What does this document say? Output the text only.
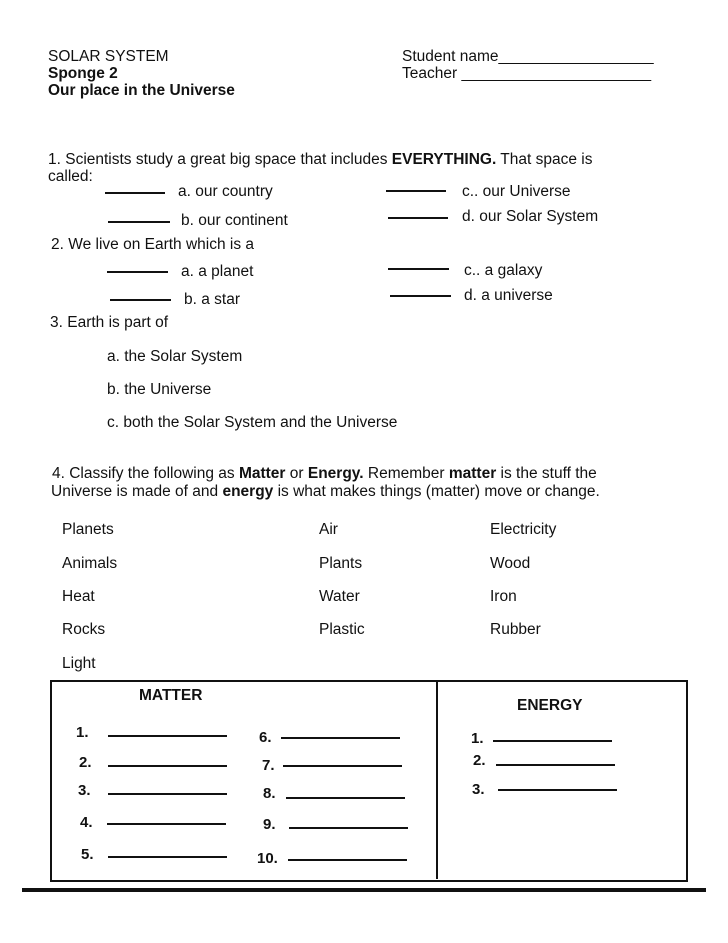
SOLAR SYSTEM
Sponge 2
Our place in the Universe
Student name__________________
Teacher ______________________
1. Scientists study a great big space that includes EVERYTHING. That space is
called:
a. our country
b. our continent
c.. our Universe
d. our Solar System
2. We live on Earth which is a
a. a planet
b. a star
c.. a galaxy
d. a universe
3. Earth is part of
a. the Solar System
b. the Universe
c. both the Solar System and the Universe
4. Classify the following as Matter or Energy. Remember matter is the stuff the
Universe is made of and energy is what makes things (matter) move or change.
Planets	Air	Electricity
Animals	Plants	Wood
Heat	Water	Iron
Rocks	Plastic	Rubber
Light
MATTER
ENERGY
1.
2.
3.
4.
5.
6.
7.
8.
9.
10.
1.
2.
3.
